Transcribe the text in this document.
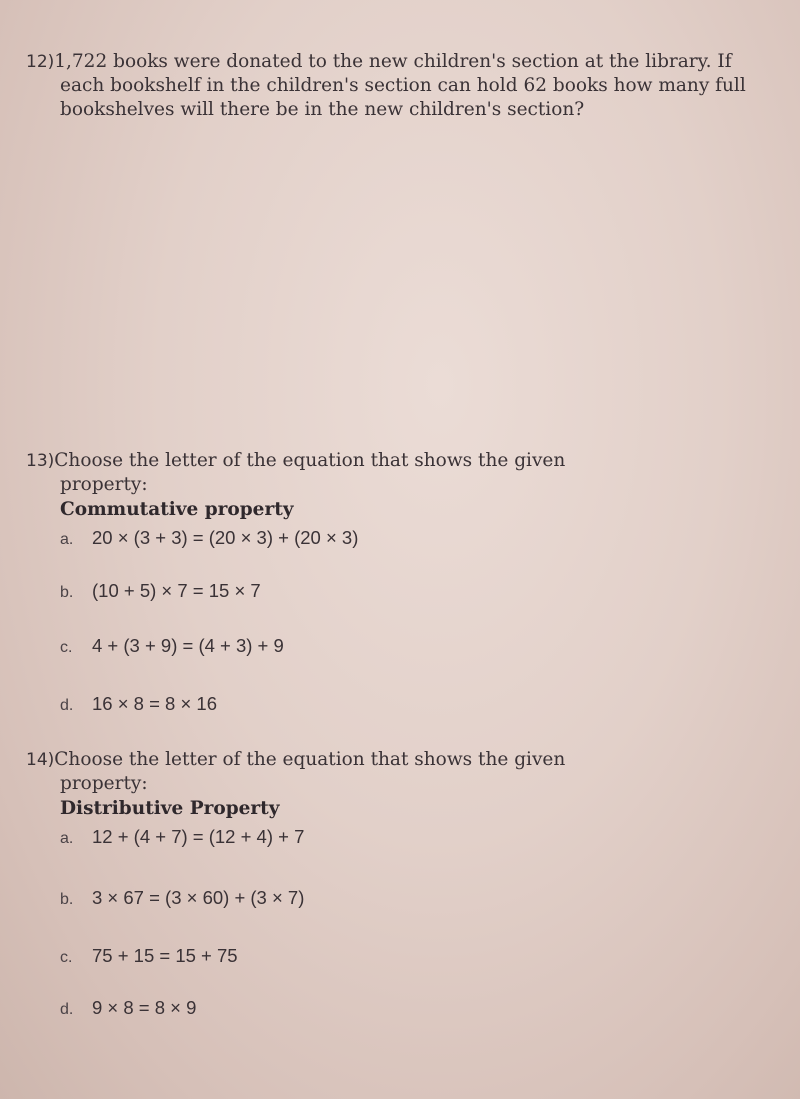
12)1,722 books were donated to the new children's section at the library. If

each bookshelf in the children's section can hold 62 books how many full

bookshelves will there be in the new children's section?

13)Choose the letter of the equation that shows the given

property:

Commutative property
a. 20 × (3 + 3) = (20 × 3) + (20 × 3)
b. (10 + 5) × 7 = 15 × 7
c. 4 + (3 + 9) = (4 + 3) + 9
d. 16 × 8 = 8 × 16

14)Choose the letter of the equation that shows the given

property:

Distributive Property
a. 12 + (4 + 7) = (12 + 4) + 7
b. 3 × 67 = (3 × 60) + (3 × 7)
c. 75 + 15 = 15 + 75
d. 9 × 8 = 8 × 9
